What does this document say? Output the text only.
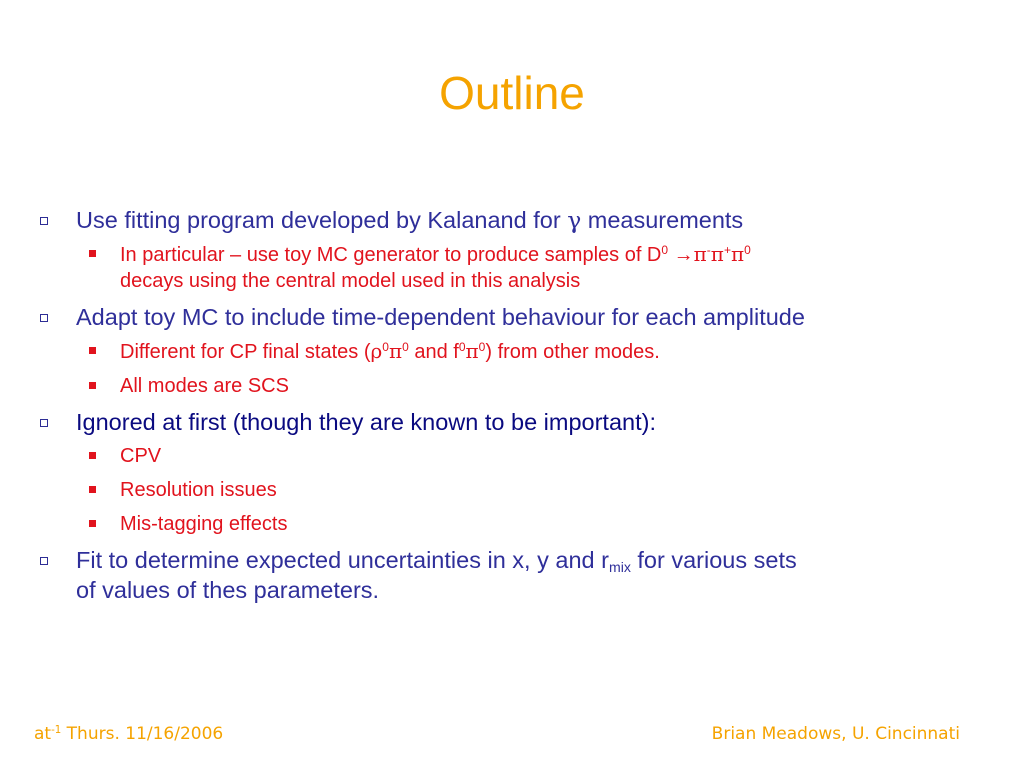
Outline
Use fitting program developed by Kalanand for γ measurements
In particular – use toy MC generator to produce samples of $D^0 \to\pi^-\pi^+\pi^0$
decays using the central model used in this analysis
Adapt toy MC to include time-dependent behaviour for each amplitude
Different for CP final states ($\rho^0\pi^0$ and $f^0\pi^0$) from other modes.
All modes are SCS
Ignored at first (though they are known to be important):
CPV
Resolution issues
Mis-tagging effects
Fit to determine expected uncertainties in x, y and $r_{mix}$ for various sets
of values of thes parameters.
$at^{-1}$ Thurs. 11/16/2006	Brian Meadows, U. Cincinnati
